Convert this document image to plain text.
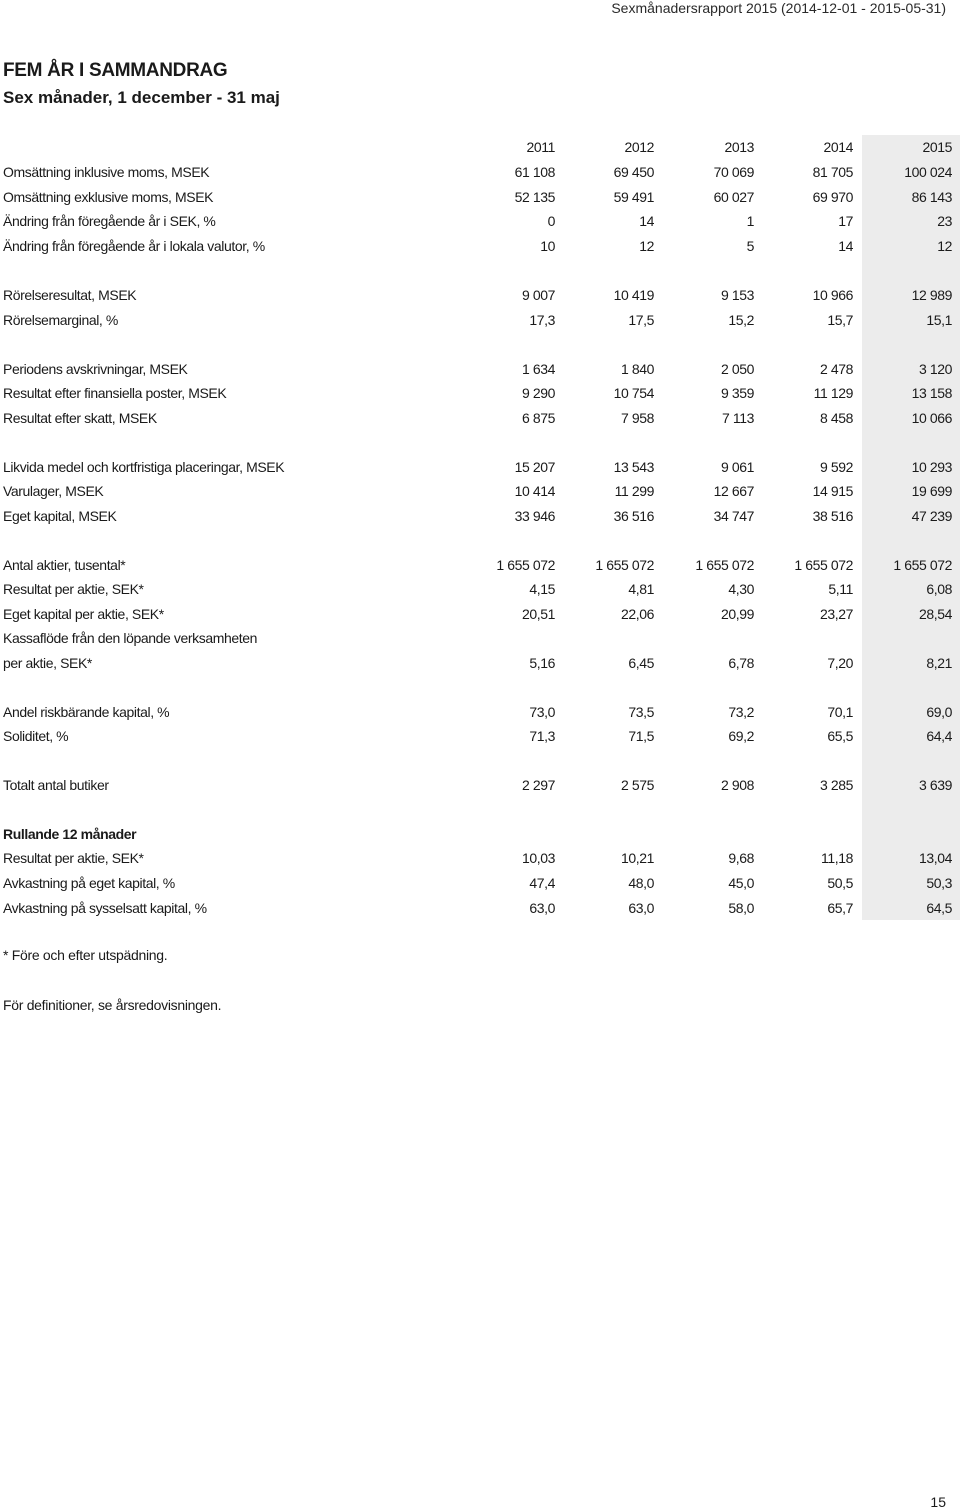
Sexmånadersrapport 2015 (2014-12-01 - 2015-05-31)
FEM ÅR I SAMMANDRAG
Sex månader, 1 december - 31 maj
2011	2012	2013	2014	2015
Omsättning inklusive moms, MSEK	61 108	69 450	70 069	81 705	100 024
Omsättning exklusive moms, MSEK	52 135	59 491	60 027	69 970	86 143
Ändring från föregående år i SEK, %	0	14	1	17	23
Ändring från föregående år i lokala valutor, %	10	12	5	14	12
Rörelseresultat, MSEK	9 007	10 419	9 153	10 966	12 989
Rörelsemarginal, %	17,3	17,5	15,2	15,7	15,1
Periodens avskrivningar, MSEK	1 634	1 840	2 050	2 478	3 120
Resultat efter finansiella poster, MSEK	9 290	10 754	9 359	11 129	13 158
Resultat efter skatt, MSEK	6 875	7 958	7 113	8 458	10 066
Likvida medel och kortfristiga placeringar, MSEK	15 207	13 543	9 061	9 592	10 293
Varulager, MSEK	10 414	11 299	12 667	14 915	19 699
Eget kapital, MSEK	33 946	36 516	34 747	38 516	47 239
Antal aktier, tusental*	1 655 072	1 655 072	1 655 072	1 655 072	1 655 072
Resultat per aktie, SEK*	4,15	4,81	4,30	5,11	6,08
Eget kapital per aktie, SEK*	20,51	22,06	20,99	23,27	28,54
Kassaflöde från den löpande verksamheten
per aktie, SEK*	5,16	6,45	6,78	7,20	8,21
Andel riskbärande kapital, %	73,0	73,5	73,2	70,1	69,0
Soliditet, %	71,3	71,5	69,2	65,5	64,4
Totalt antal butiker	2 297	2 575	2 908	3 285	3 639
Rullande 12 månader
Resultat per aktie, SEK*	10,03	10,21	9,68	11,18	13,04
Avkastning på eget kapital, %	47,4	48,0	45,0	50,5	50,3
Avkastning på sysselsatt kapital, %	63,0	63,0	58,0	65,7	64,5
* Före och efter utspädning.
För definitioner, se årsredovisningen.
15
